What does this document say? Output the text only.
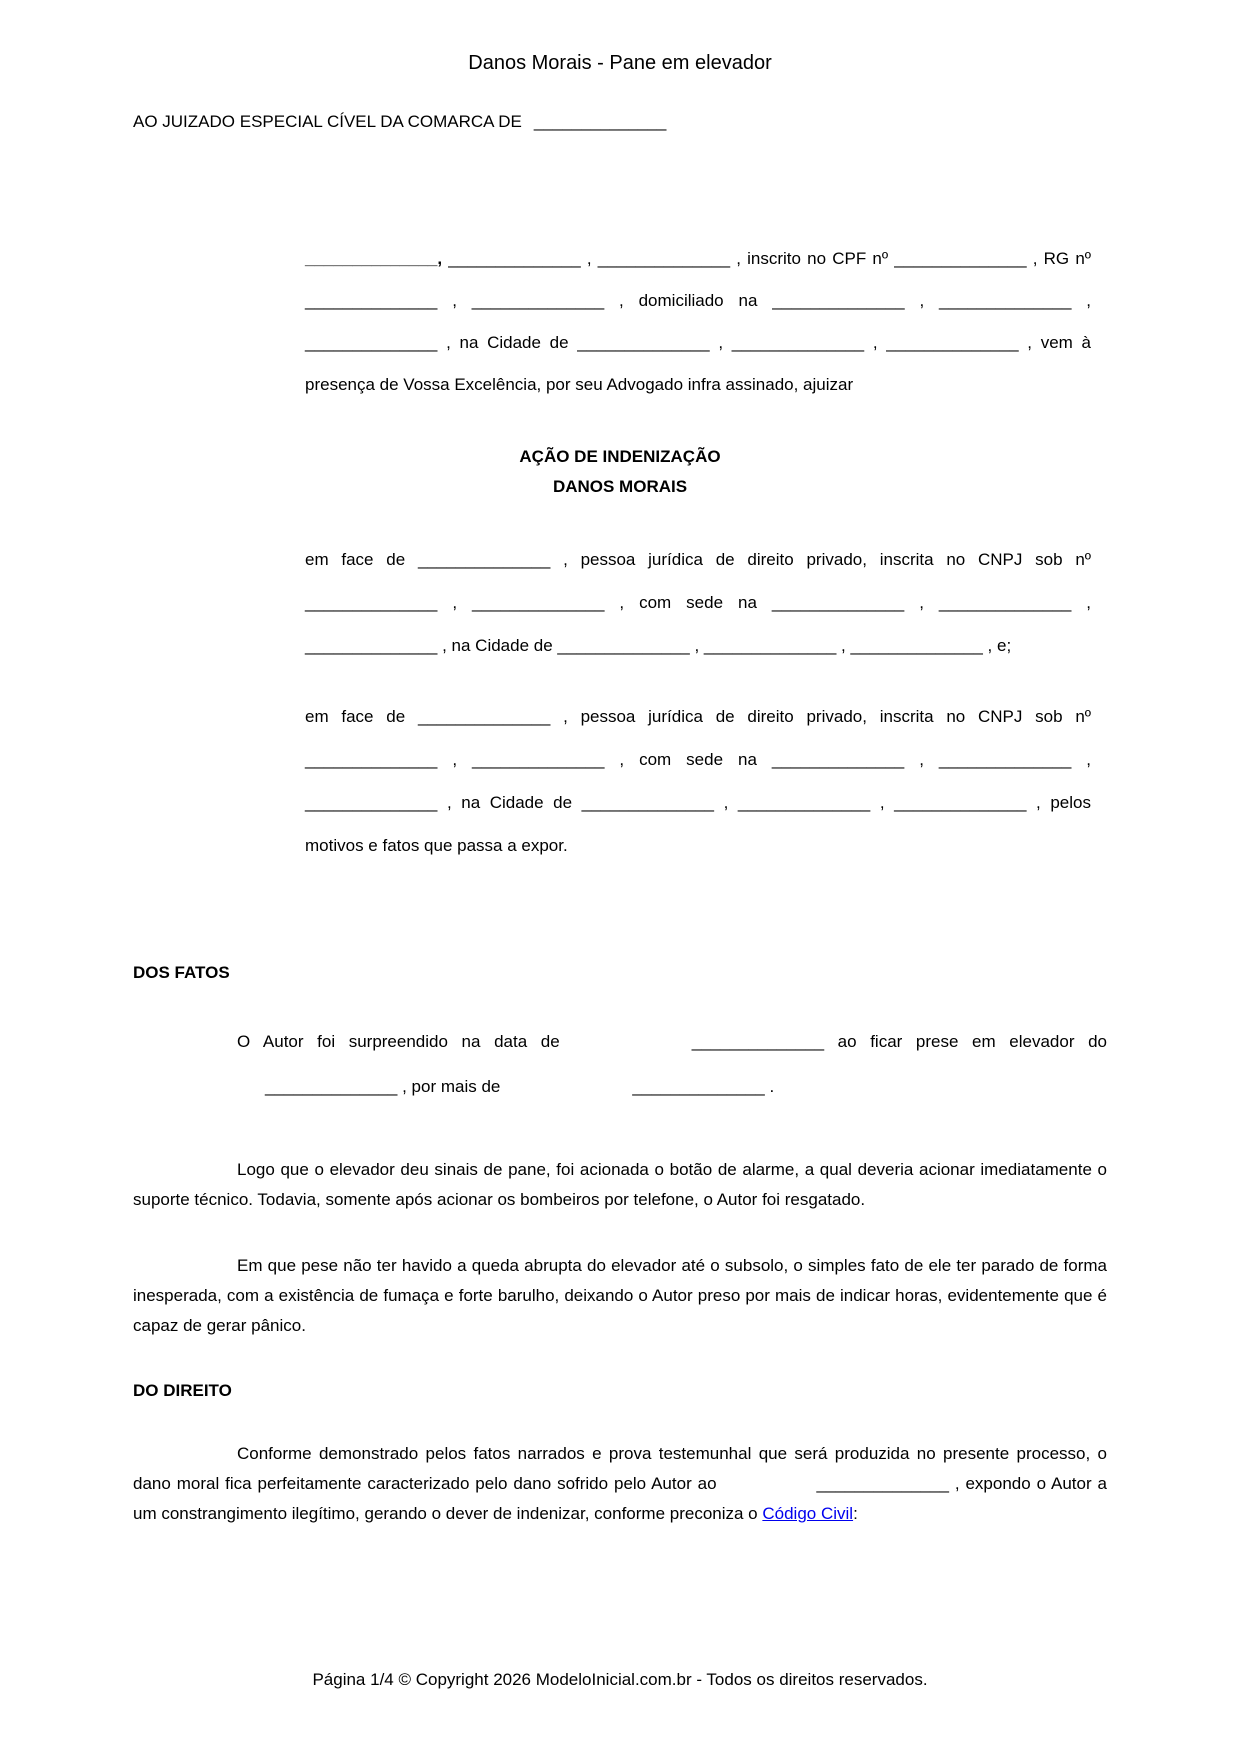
Danos Morais - Pane em elevador
AO JUIZADO ESPECIAL CÍVEL DA COMARCA DE ______________

______________, ______________ , ______________ , inscrito no CPF nº ______________ , RG nº ______________ , ______________ , domiciliado na ______________ , ______________ , ______________ , na Cidade de ______________ , ______________ , ______________ , vem à presença de Vossa Excelência, por seu Advogado infra assinado, ajuizar

AÇÃO DE INDENIZAÇÃO
DANOS MORAIS

em face de ______________ , pessoa jurídica de direito privado, inscrita no CNPJ sob nº ______________ , ______________ , com sede na ______________ , ______________ , ______________ , na Cidade de ______________ , ______________ , ______________ , e;

em face de ______________ , pessoa jurídica de direito privado, inscrita no CNPJ sob nº ______________ , ______________ , com sede na ______________ , ______________ , ______________ , na Cidade de ______________ , ______________ , ______________ , pelos motivos e fatos que passa a expor.

DOS FATOS

O Autor foi surpreendido na data de	______________ ao ficar prese em elevador do______________ , por mais de	______________ .

Logo que o elevador deu sinais de pane, foi acionada o botão de alarme, a qual deveria acionar imediatamente o suporte técnico. Todavia, somente após acionar os bombeiros por telefone, o Autor foi resgatado.

Em que pese não ter havido a queda abrupta do elevador até o subsolo, o simples fato de ele ter parado de forma inesperada, com a existência de fumaça e forte barulho, deixando o Autor preso por mais de indicar horas, evidentemente que é capaz de gerar pânico.

DO DIREITO

Conforme demonstrado pelos fatos narrados e prova testemunhal que será produzida no presente processo, o dano moral fica perfeitamente caracterizado pelo dano sofrido pelo Autor ao	______________ , expondo o Autor a um constrangimento ilegítimo, gerando o dever de indenizar, conforme preconiza o Código Civil:

Página 1/4 © Copyright 2026 ModeloInicial.com.br - Todos os direitos reservados.
